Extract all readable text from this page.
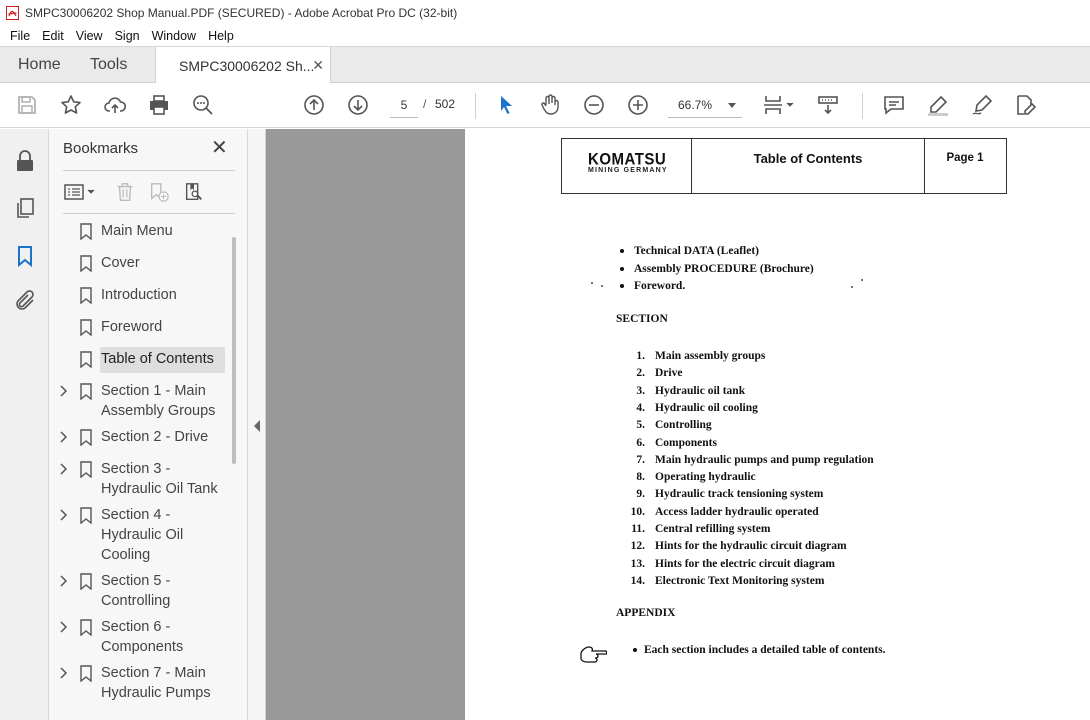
SMPC30006202 Shop Manual.PDF (SECURED) - Adobe Acrobat Pro DC (32-bit)
File Edit View Sign Window Help
Home Tools	SMPC30006202 Sh...
✕
5	/ 502	66.7%
Bookmarks	✕
Main Menu
Cover
Introduction
Foreword
Table of Contents
Section 1 - Main Assembly Groups
Section 2 - Drive
Section 3 - Hydraulic Oil Tank
Section 4 - Hydraulic Oil Cooling
Section 5 - Controlling
Section 6 - Components
Section 7 - Main Hydraulic Pumps
KOMATSU
MINING GERMANY
Table of Contents	Page 1
Technical DATA (Leaflet)
Assembly PROCEDURE (Brochure)
Foreword.
SECTION
1. Main assembly groups
2. Drive
3. Hydraulic oil tank
4. Hydraulic oil cooling
5. Controlling
6. Components
7. Main hydraulic pumps and pump regulation
8. Operating hydraulic
9. Hydraulic track tensioning system
10. Access ladder hydraulic operated
11. Central refilling system
12. Hints for the hydraulic circuit diagram
13. Hints for the electric circuit diagram
14. Electronic Text Monitoring system
APPENDIX
Each section includes a detailed table of contents.
